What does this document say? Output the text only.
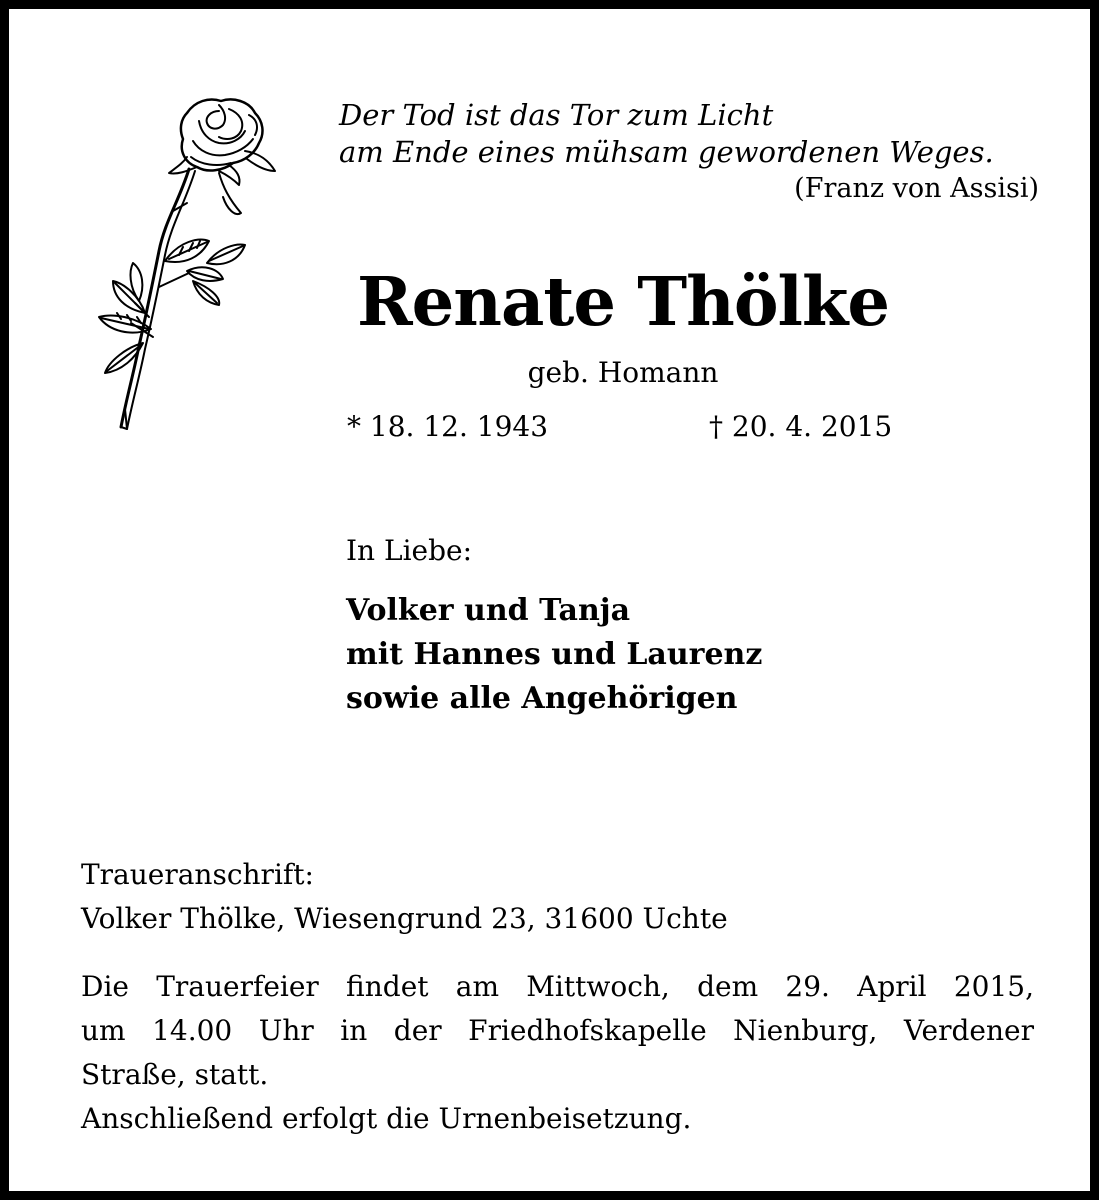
Der Tod ist das Tor zum Licht
am Ende eines mühsam gewordenen Weges.
(Franz von Assisi)
Renate Thölke
geb. Homann
* 18. 12. 1943	† 20. 4. 2015
In Liebe:
Volker und Tanja
mit Hannes und Laurenz
sowie alle Angehörigen
Traueranschrift:
Volker Thölke, Wiesengrund 23, 31600 Uchte
Die Trauerfeier findet am Mittwoch, dem 29. April 2015,
um 14.00 Uhr in der Friedhofskapelle Nienburg, Verdener
Straße, statt.
Anschließend erfolgt die Urnenbeisetzung.
